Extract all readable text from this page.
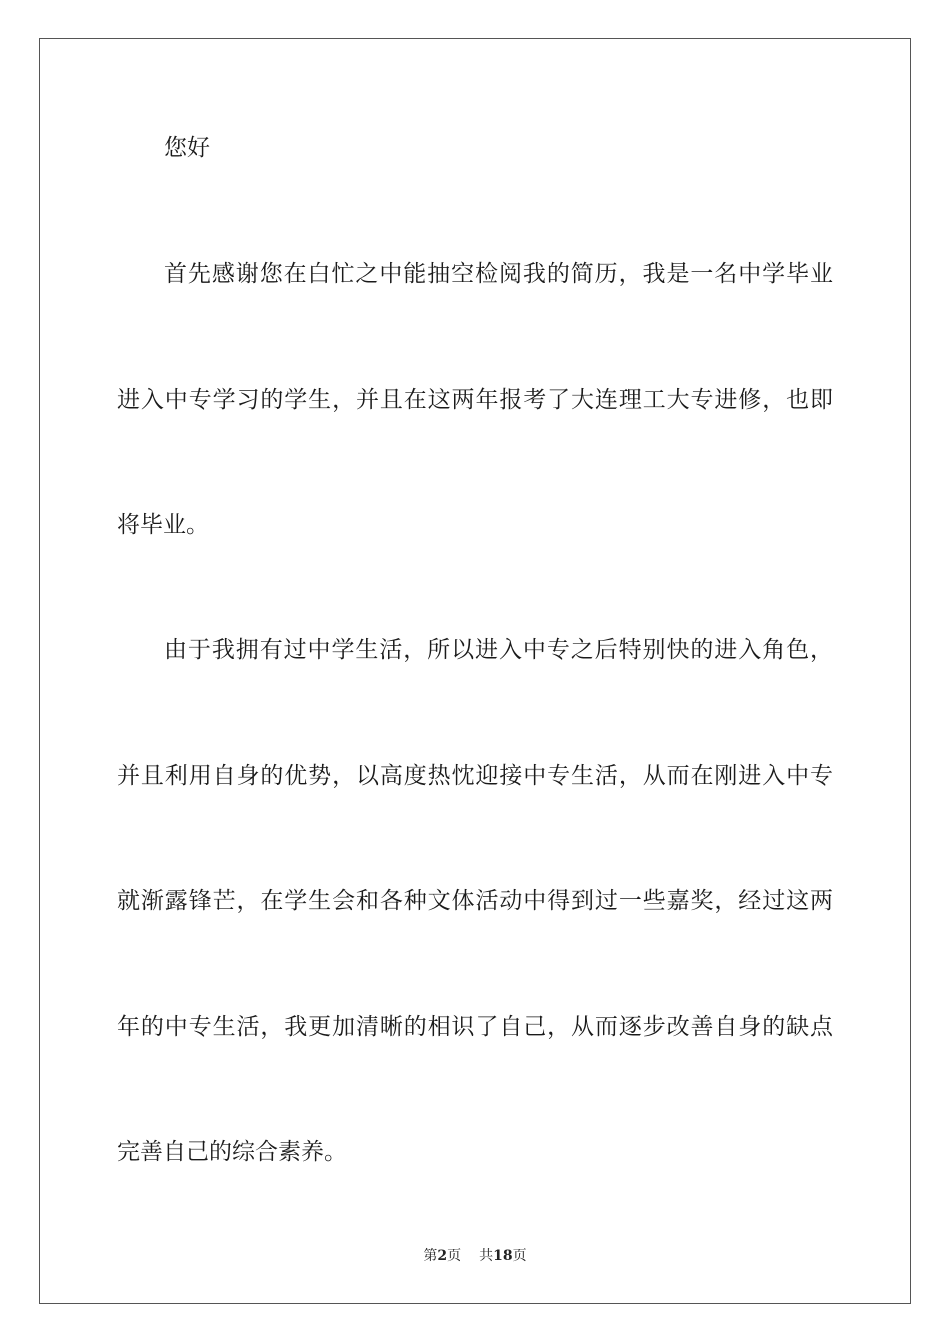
您好

首先感谢您在白忙之中能抽空检阅我的简历，我是一名中学毕业

进入中专学习的学生，并且在这两年报考了大连理工大专进修，也即

将毕业。

由于我拥有过中学生活，所以进入中专之后特别快的进入角色，

并且利用自身的优势，以高度热忱迎接中专生活，从而在刚进入中专

就渐露锋芒，在学生会和各种文体活动中得到过一些嘉奖，经过这两

年的中专生活，我更加清晰的相识了自己，从而逐步改善自身的缺点

完善自己的综合素养。

第2页 共18页
